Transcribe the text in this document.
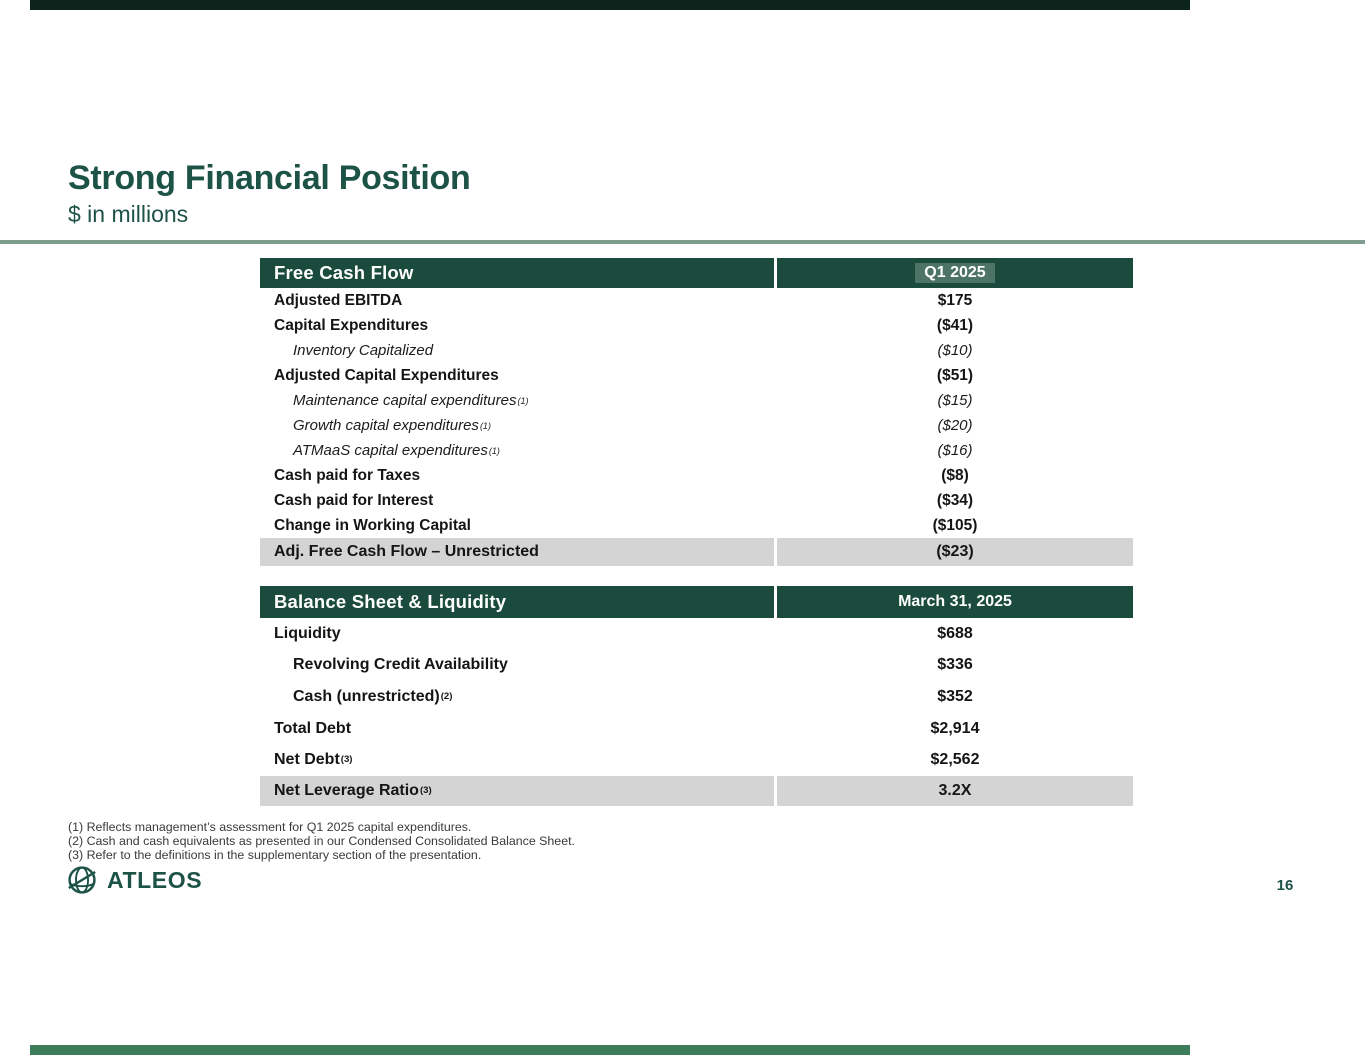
Strong Financial Position
$ in millions
Free Cash Flow	Q1 2025
Adjusted EBITDA	$175
Capital Expenditures	($41)
Inventory Capitalized	($10)
Adjusted Capital Expenditures	($51)
Maintenance capital expenditures (1)	($15)
Growth capital expenditures (1)	($20)
ATMaaS capital expenditures (1)	($16)
Cash paid for Taxes	($8)
Cash paid for Interest	($34)
Change in Working Capital	($105)
Adj. Free Cash Flow – Unrestricted	($23)
Balance Sheet & Liquidity	March 31, 2025
Liquidity	$688
Revolving Credit Availability	$336
Cash (unrestricted) (2)	$352
Total Debt	$2,914
Net Debt (3)	$2,562
Net Leverage Ratio (3)	3.2X
(1) Reflects management’s assessment for Q1 2025 capital expenditures.
(2) Cash and cash equivalents as presented in our Condensed Consolidated Balance Sheet.
(3) Refer to the definitions in the supplementary section of the presentation.
ATLEOS	16
